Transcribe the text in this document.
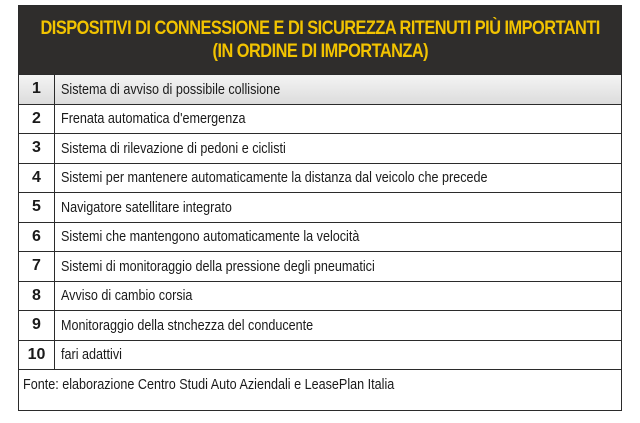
DISPOSITIVI DI CONNESSIONE E DI SICUREZZA RITENUTI PIÙ IMPORTANTI
(IN ORDINE DI IMPORTANZA)
1	Sistema di avviso di possibile collisione
2	Frenata automatica d'emergenza
3	Sistema di rilevazione di pedoni e ciclisti
4	Sistemi per mantenere automaticamente la distanza dal veicolo che precede
5	Navigatore satellitare integrato
6	Sistemi che mantengono automaticamente la velocità
7	Sistemi di monitoraggio della pressione degli pneumatici
8	Avviso di cambio corsia
9	Monitoraggio della stnchezza del conducente
10	fari adattivi
Fonte: elaborazione Centro Studi Auto Aziendali e LeasePlan Italia
